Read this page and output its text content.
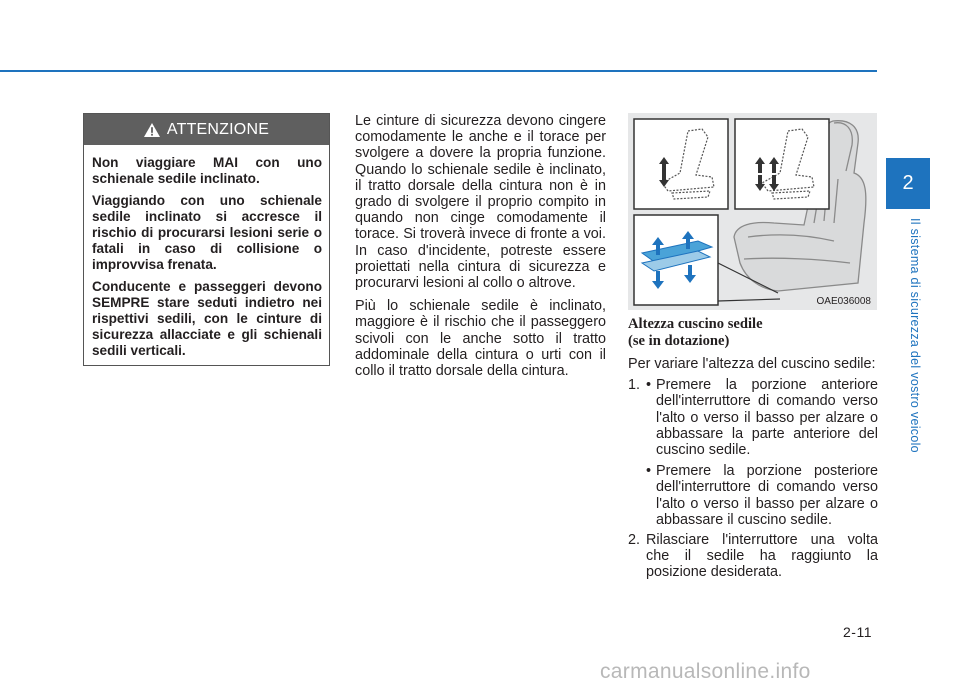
ATTENZIONE

Non viaggiare MAI con uno schienale sedile inclinato.

Viaggiando con uno schienale sedile inclinato si accresce il rischio di procurarsi lesioni serie o fatali in caso di collisione o improvvisa frenata.

Conducente e passeggeri devono SEMPRE stare seduti indietro nei rispettivi sedili, con le cinture di sicurezza allacciate e gli schienali sedili verticali.

Le cinture di sicurezza devono cingere comodamente le anche e il torace per svolgere a dovere la propria funzione. Quando lo schienale sedile è inclinato, il tratto dorsale della cintura non è in grado di svolgere il proprio compito in quando non cinge comodamente il torace. Si troverà invece di fronte a voi. In caso d'incidente, potreste essere proiettati nella cintura di sicurezza e procurarvi lesioni al collo o altrove.

Più lo schienale sedile è inclinato, maggiore è il rischio che il passeggero scivoli con le anche sotto il tratto addominale della cintura o urti con il collo il tratto dorsale della cintura.

OAE036008
Altezza cuscino sedile
(se in dotazione)

Per variare l'altezza del cuscino sedile:

1. • Premere la porzione anteriore dell'interruttore di comando verso l'alto o verso il basso per alzare o abbassare la parte anteriore del cuscino sedile.
• Premere la porzione posteriore dell'interruttore di comando verso l'alto o verso il basso per alzare o abbassare il cuscino sedile.
2. Rilasciare l'interruttore una volta che il sedile ha raggiunto la posizione desiderata.
2
Il sistema di sicurezza del vostro veicolo
2-11
carmanualsonline.info
